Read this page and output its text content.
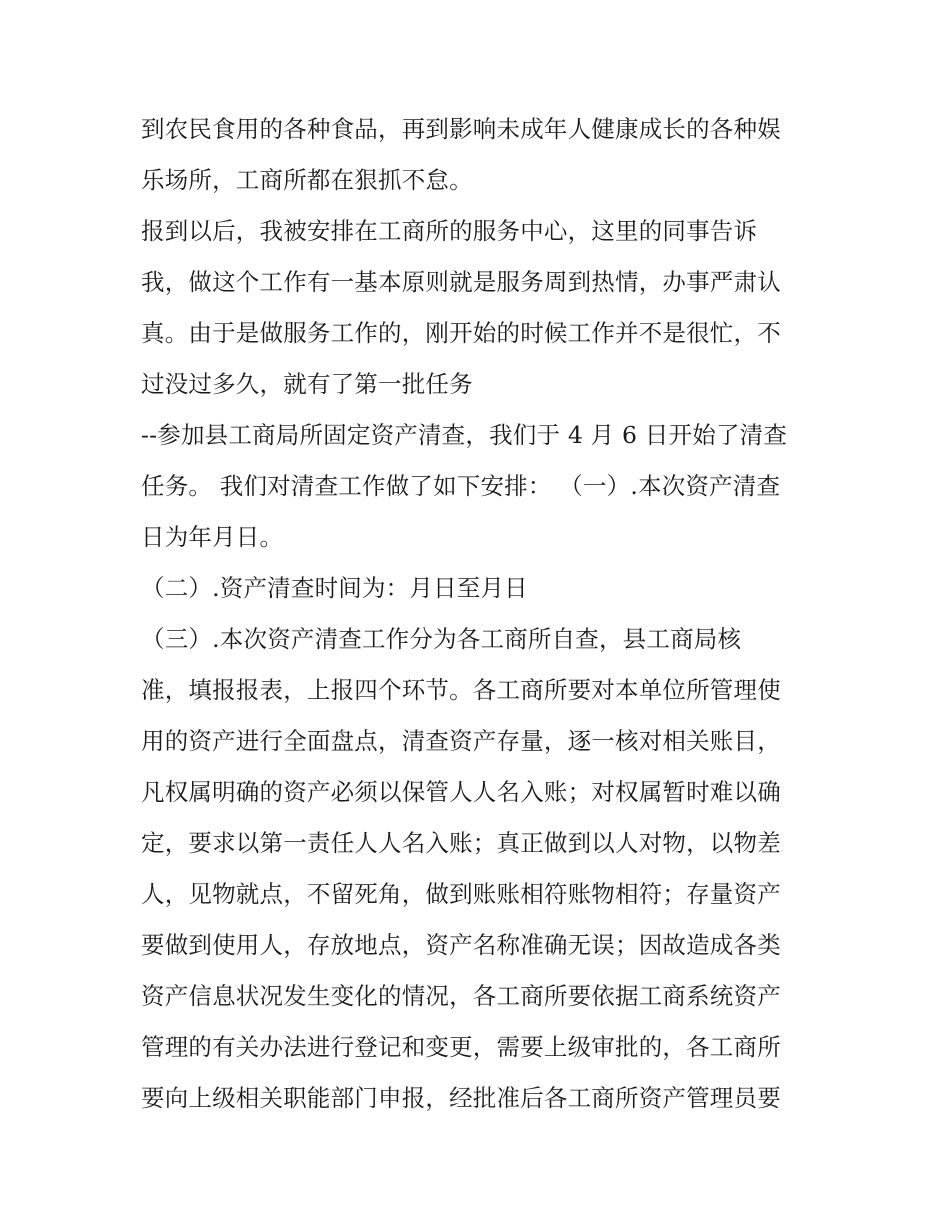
到农民食用的各种食品，再到影响未成年人健康成长的各种娱
乐场所，工商所都在狠抓不怠。
报到以后，我被安排在工商所的服务中心，这里的同事告诉
我，做这个工作有一基本原则就是服务周到热情，办事严肃认
真。由于是做服务工作的，刚开始的时候工作并不是很忙，不
过没过多久，就有了第一批任务
--参加县工商局所固定资产清查，我们于 4 月 6 日开始了清查
任务。 我们对清查工作做了如下安排： （一）.本次资产清查
日为年月日。
（二）.资产清查时间为：月日至月日
（三）.本次资产清查工作分为各工商所自查，县工商局核
准，填报报表，上报四个环节。各工商所要对本单位所管理使
用的资产进行全面盘点，清查资产存量，逐一核对相关账目，
凡权属明确的资产必须以保管人人名入账；对权属暂时难以确
定，要求以第一责任人人名入账；真正做到以人对物，以物差
人，见物就点，不留死角，做到账账相符账物相符；存量资产
要做到使用人，存放地点，资产名称准确无误；因故造成各类
资产信息状况发生变化的情况，各工商所要依据工商系统资产
管理的有关办法进行登记和变更，需要上级审批的，各工商所
要向上级相关职能部门申报，经批准后各工商所资产管理员要
